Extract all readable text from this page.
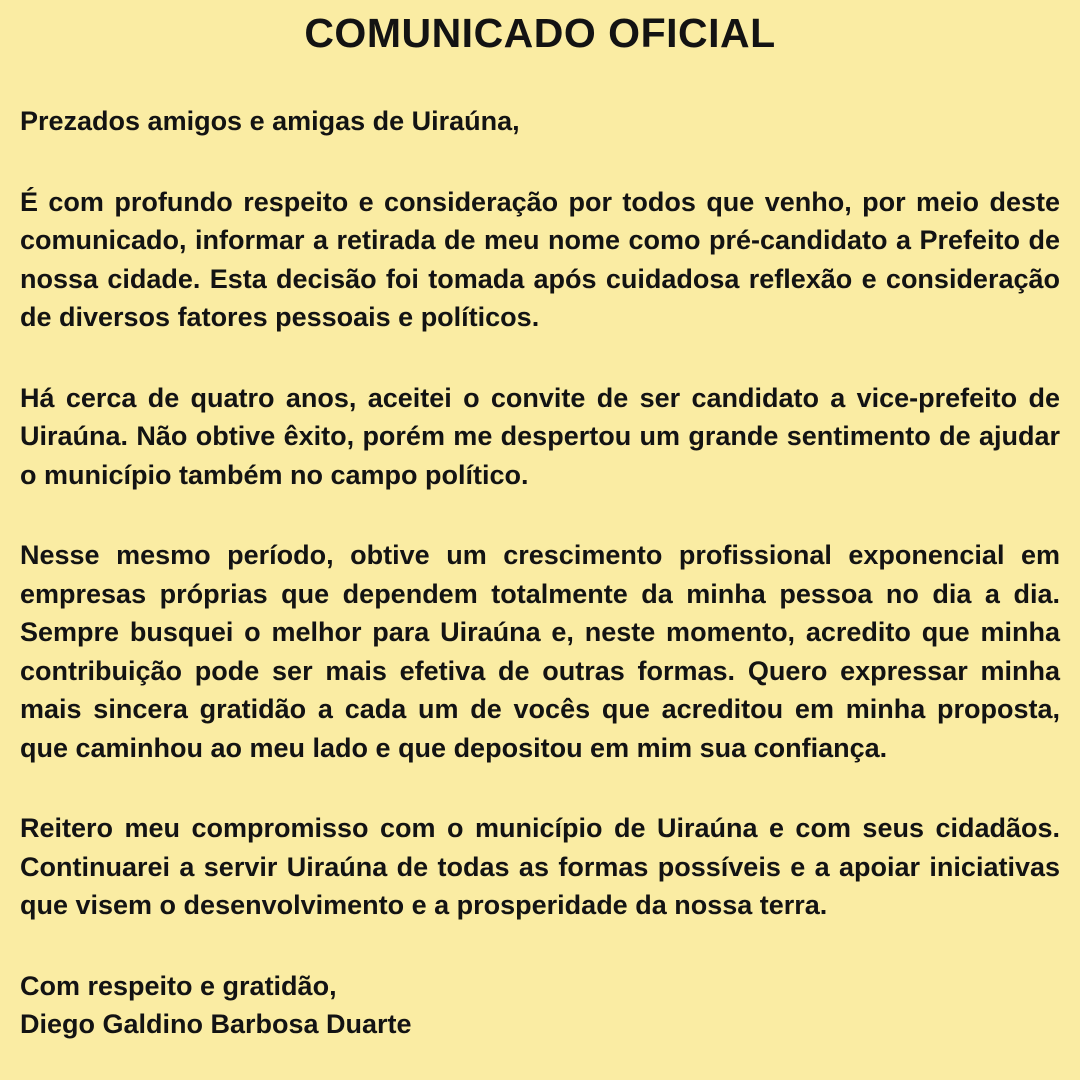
COMUNICADO OFICIAL

Prezados amigos e amigas de Uiraúna,

É com profundo respeito e consideração por todos que venho, por meio deste comunicado, informar a retirada de meu nome como pré-candidato a Prefeito de nossa cidade. Esta decisão foi tomada após cuidadosa reflexão e consideração de diversos fatores pessoais e políticos.

Há cerca de quatro anos, aceitei o convite de ser candidato a vice-prefeito de Uiraúna. Não obtive êxito, porém me despertou um grande sentimento de ajudar o município também no campo político.

Nesse mesmo período, obtive um crescimento profissional exponencial em empresas próprias que dependem totalmente da minha pessoa no dia a dia. Sempre busquei o melhor para Uiraúna e, neste momento, acredito que minha contribuição pode ser mais efetiva de outras formas. Quero expressar minha mais sincera gratidão a cada um de vocês que acreditou em minha proposta, que caminhou ao meu lado e que depositou em mim sua confiança.

Reitero meu compromisso com o município de Uiraúna e com seus cidadãos. Continuarei a servir Uiraúna de todas as formas possíveis e a apoiar iniciativas que visem o desenvolvimento e a prosperidade da nossa terra.

Com respeito e gratidão,

Diego Galdino Barbosa Duarte
